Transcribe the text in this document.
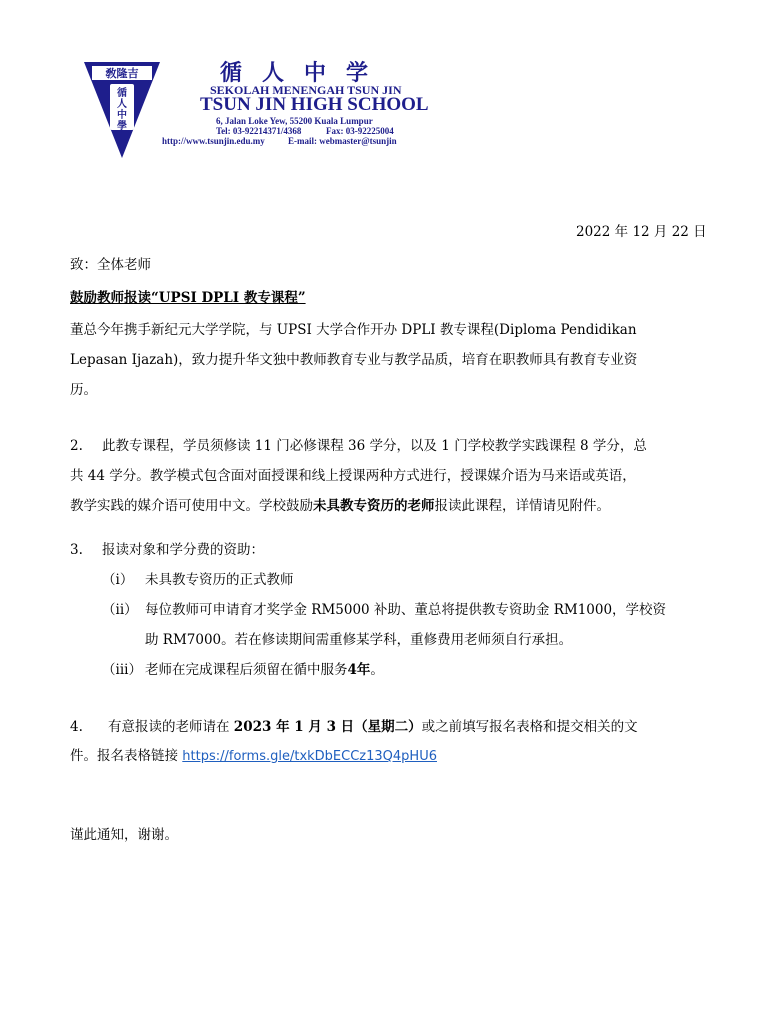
敎隆吉
循
人
中
學
循人中学
SEKOLAH MENENGAH TSUN JIN
TSUN JIN HIGH SCHOOL
6, Jalan Loke Yew, 55200 Kuala Lumpur
Tel: 03-92214371/4368	Fax: 03-92225004
http://www.tsunjin.edu.my	E-mail: webmaster@tsunjin
2022 年 12 月 22 日
致：全体老师
鼓励教师报读“UPSI DPLI 教专课程”
董总今年携手新纪元大学学院，与 UPSI 大学合作开办 DPLI 教专课程(Diploma Pendidikan
Lepasan Ijazah)，致力提升华文独中教师教育专业与教学品质，培育在职教师具有教育专业资
历。
2. 此教专课程，学员须修读 11 门必修课程 36 学分，以及 1 门学校教学实践课程 8 学分，总
共 44 学分。教学模式包含面对面授课和线上授课两种方式进行，授课媒介语为马来语或英语，
教学实践的媒介语可使用中文。学校鼓励未具教专资历的老师报读此课程，详情请见附件。
3. 报读对象和学分费的资助：
（i） 未具教专资历的正式教师
（ii） 每位教师可申请育才奖学金 RM5000 补助、董总将提供教专资助金 RM1000，学校资
助 RM7000。若在修读期间需重修某学科，重修费用老师须自行承担。
（iii） 老师在完成课程后须留在循中服务4年。
4. 有意报读的老师请在 2023 年 1 月 3 日（星期二）或之前填写报名表格和提交相关的文
件。报名表格链接 https://forms.gle/txkDbECCz13Q4pHU6
谨此通知，谢谢。
